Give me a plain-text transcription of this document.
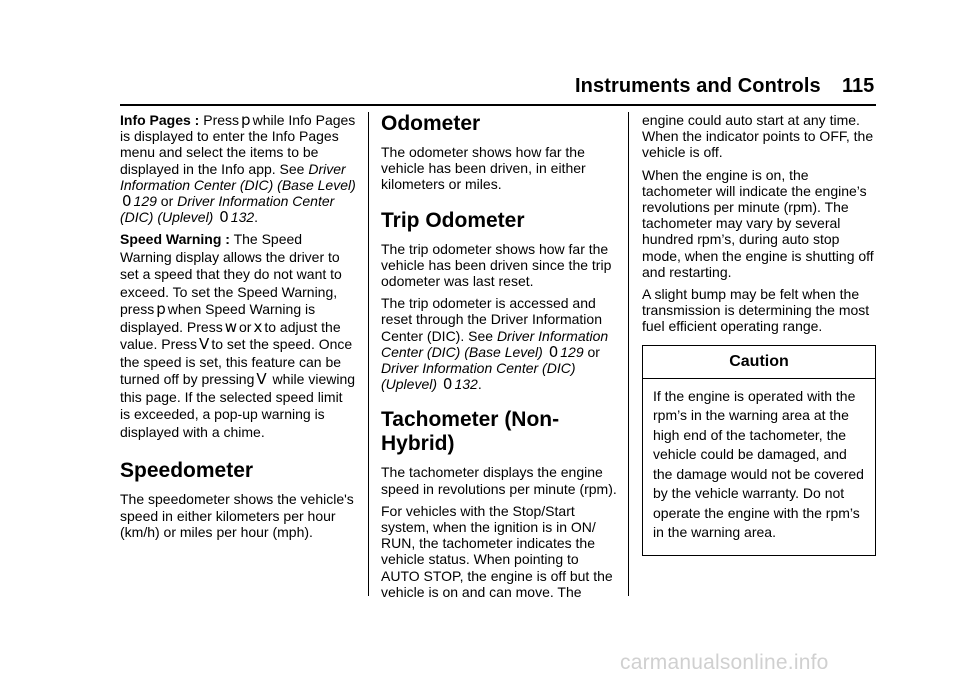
Instruments and Controls 115

Info Pages : Press p while Info Pages is displayed to enter the Info Pages menu and select the items to be displayed in the Info app. See Driver Information Center (DIC) (Base Level) 0 129 or Driver Information Center (DIC) (Uplevel) 0 132.

Speed Warning : The Speed Warning display allows the driver to set a speed that they do not want to exceed. To set the Speed Warning, press p when Speed Warning is displayed. Press w or x to adjust the value. Press V to set the speed. Once the speed is set, this feature can be turned off by pressing V while viewing this page. If the selected speed limit is exceeded, a pop-up warning is displayed with a chime.

Speedometer

The speedometer shows the vehicle's speed in either kilometers per hour (km/h) or miles per hour (mph).

Odometer

The odometer shows how far the vehicle has been driven, in either kilometers or miles.

Trip Odometer

The trip odometer shows how far the vehicle has been driven since the trip odometer was last reset.

The trip odometer is accessed and reset through the Driver Information Center (DIC). See Driver Information Center (DIC) (Base Level) 0 129 or Driver Information Center (DIC) (Uplevel) 0 132.

Tachometer (Non-Hybrid)

The tachometer displays the engine speed in revolutions per minute (rpm).

For vehicles with the Stop/Start system, when the ignition is in ON/ RUN, the tachometer indicates the vehicle status. When pointing to AUTO STOP, the engine is off but the vehicle is on and can move. The

engine could auto start at any time. When the indicator points to OFF, the vehicle is off.

When the engine is on, the tachometer will indicate the engine’s revolutions per minute (rpm). The tachometer may vary by several hundred rpm’s, during auto stop mode, when the engine is shutting off and restarting.

A slight bump may be felt when the transmission is determining the most fuel efficient operating range.

Caution
If the engine is operated with the rpm’s in the warning area at the high end of the tachometer, the vehicle could be damaged, and the damage would not be covered by the vehicle warranty. Do not operate the engine with the rpm’s in the warning area.
carmanualsonline.info
